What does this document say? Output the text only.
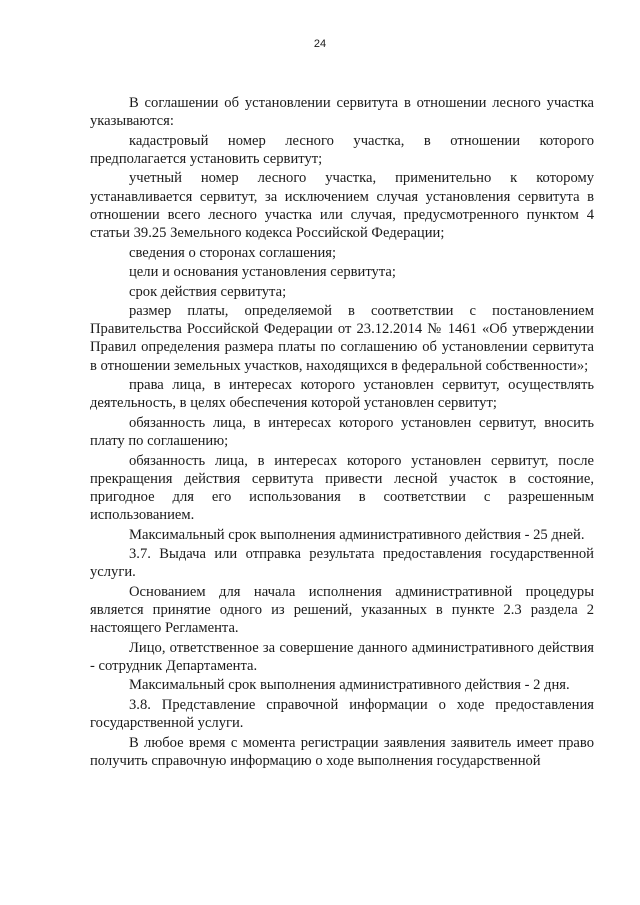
24

В соглашении об установлении сервитута в отношении лесного участка указываются:

кадастровый номер лесного участка, в отношении которого предполагается установить сервитут;

учетный номер лесного участка, применительно к которому устанавливается сервитут, за исключением случая установления сервитута в отношении всего лесного участка или случая, предусмотренного пунктом 4 статьи 39.25 Земельного кодекса Российской Федерации;

сведения о сторонах соглашения;

цели и основания установления сервитута;

срок действия сервитута;

размер платы, определяемой в соответствии с постановлением Правительства Российской Федерации от 23.12.2014 № 1461 «Об утверждении Правил определения размера платы по соглашению об установлении сервитута в отношении земельных участков, находящихся в федеральной собственности»;

права лица, в интересах которого установлен сервитут, осуществлять деятельность, в целях обеспечения которой установлен сервитут;

обязанность лица, в интересах которого установлен сервитут, вносить плату по соглашению;

обязанность лица, в интересах которого установлен сервитут, после прекращения действия сервитута привести лесной участок в состояние, пригодное для его использования в соответствии с разрешенным использованием.

Максимальный срок выполнения административного действия - 25 дней.

3.7. Выдача или отправка результата предоставления государственной услуги.

Основанием для начала исполнения административной процедуры является принятие одного из решений, указанных в пункте 2.3 раздела 2 настоящего Регламента.

Лицо, ответственное за совершение данного административного действия - сотрудник Департамента.

Максимальный срок выполнения административного действия - 2 дня.

3.8. Представление справочной информации о ходе предоставления государственной услуги.

В любое время с момента регистрации заявления заявитель имеет право получить справочную информацию о ходе выполнения государственной
